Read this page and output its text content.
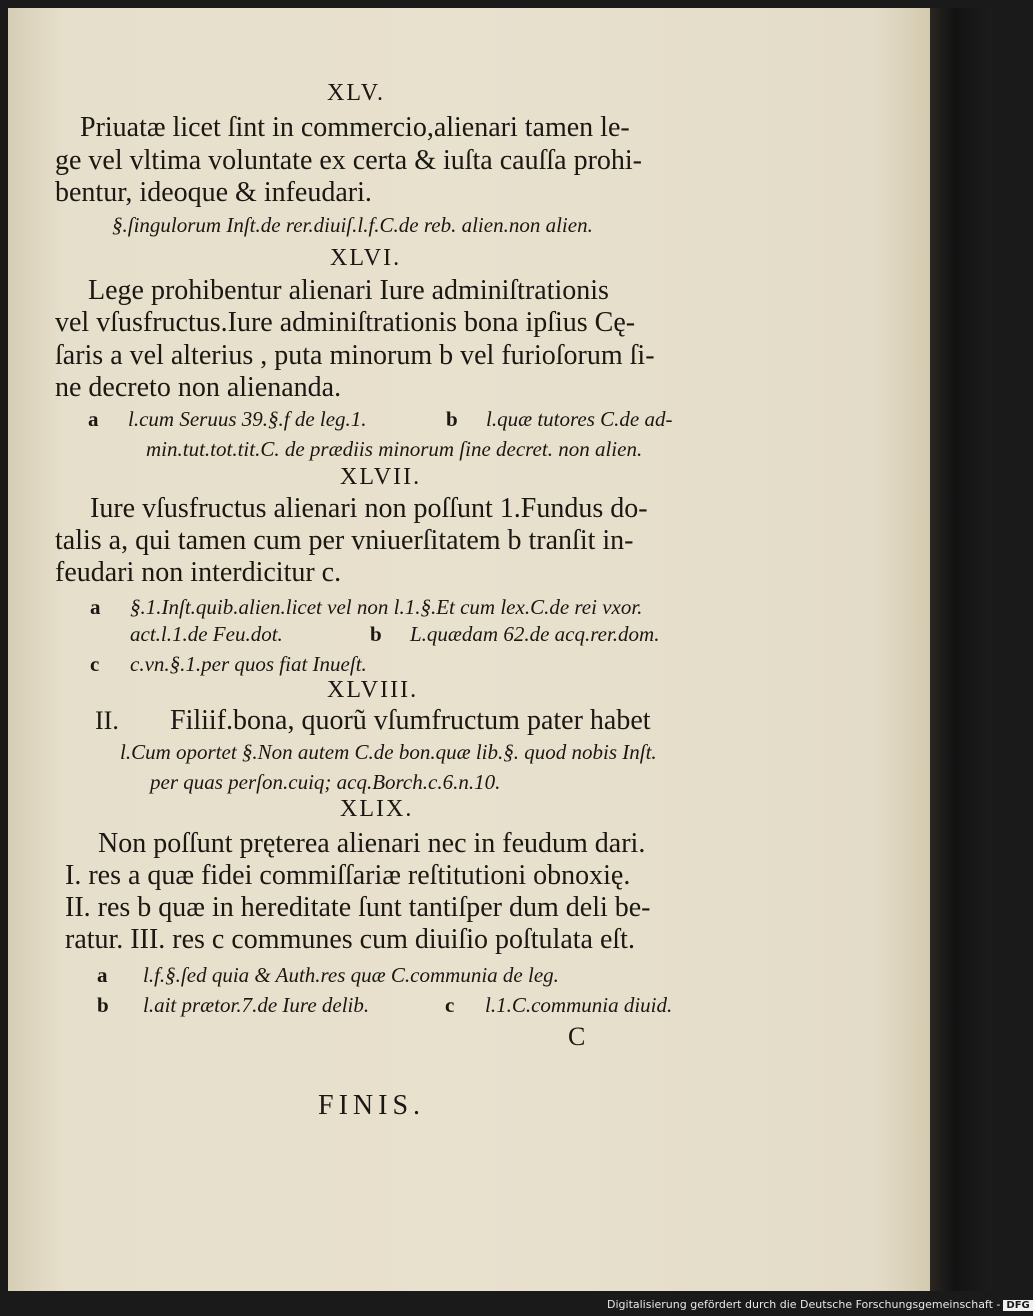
XLV.
Priuatæ licet ſint in commercio,alienari tamen le-
ge vel vltima voluntate ex certa & iuſta cauſſa prohi-
bentur, ideoque & infeudari.
§.ſingulorum Inſt.de rer.diuiſ.l.f.C.de reb. alien.non alien.
XLVI.
Lege prohibentur alienari Iure adminiſtrationis
vel vſusfructus.Iure adminiſtrationis bona ipſius Cę-
ſaris a vel alterius , puta minorum b vel furioſorum ſi-
ne decreto non alienanda.
a l.cum Seruus 39.§.f de leg.1.	b l.quæ tutores C.de ad-
min.tut.tot.tit.C. de prædiis minorum ſine decret. non alien.
XLVII.
Iure vſusfructus alienari non poſſunt 1.Fundus do-
talis a, qui tamen cum per vniuerſitatem b tranſit in-
feudari non interdicitur c.
a §.1.Inſt.quib.alien.licet vel non l.1.§.Et cum lex.C.de rei vxor.
act.l.1.de Feu.dot.	b L.quædam 62.de acq.rer.dom.
c c.vn.§.1.per quos fiat Inueſt.
XLVIII.
II. Filiif.bona, quorũ vſumfructum pater habet
l.Cum oportet §.Non autem C.de bon.quæ lib.§. quod nobis Inſt.
per quas perſon.cuiq; acq.Borch.c.6.n.10.
XLIX.
Non poſſunt pręterea alienari nec in feudum dari.
I. res a quæ fidei commiſſariæ reſtitutioni obnoxię.
II. res b quæ in hereditate ſunt tantiſper dum deli be-
ratur. III. res c communes cum diuiſio poſtulata eſt.
a l.f.§.ſed quia & Auth.res quæ C.communia de leg.
b l.ait prætor.7.de Iure delib.	c l.1.C.communia diuid.
C
FINIS.
Digitalisierung gefördert durch die Deutsche Forschungsgemeinschaft - DFG
